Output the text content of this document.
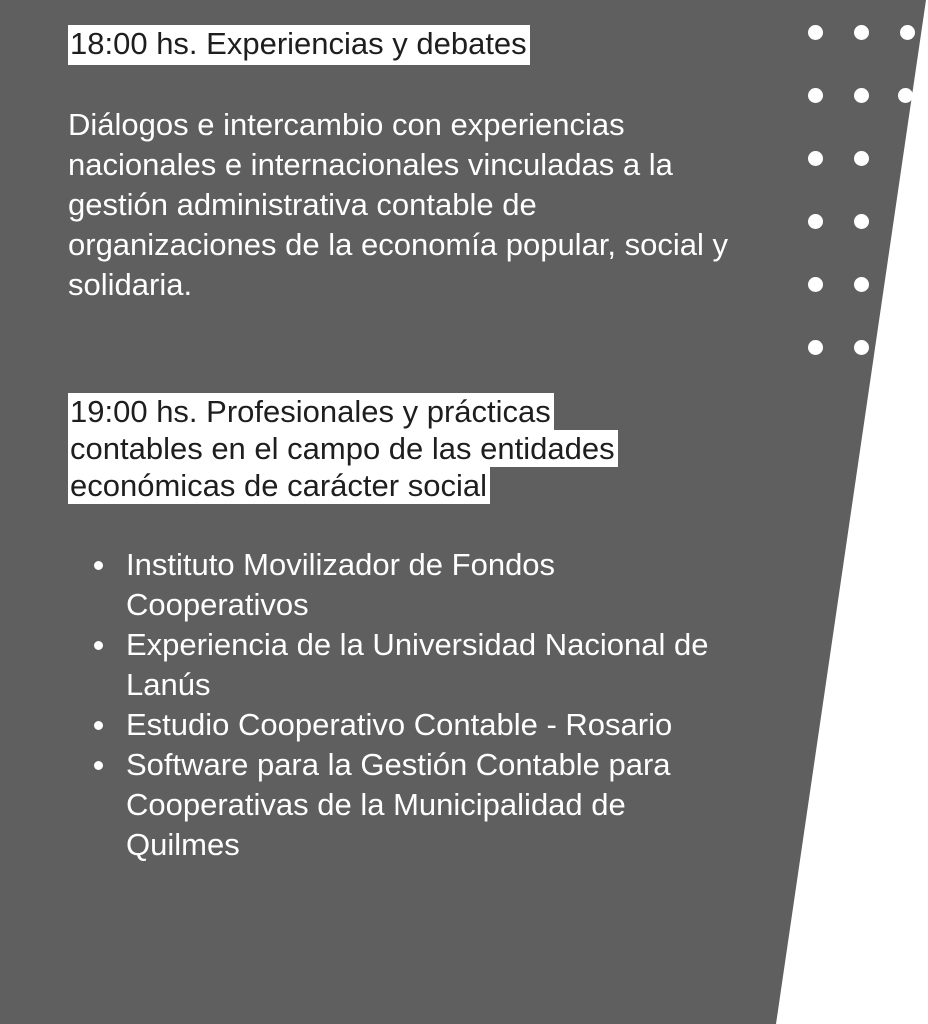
18:00 hs. Experiencias y debates

Diálogos e intercambio con experiencias
nacionales e internacionales vinculadas a la
gestión administrativa contable de
organizaciones de la economía popular, social y
solidaria.

19:00 hs. Profesionales y prácticas
contables en el campo de las entidades
económicas de carácter social
Instituto Movilizador de Fondos
Cooperativos
Experiencia de la Universidad Nacional de
Lanús
Estudio Cooperativo Contable - Rosario
Software para la Gestión Contable para
Cooperativas de la Municipalidad de
Quilmes
